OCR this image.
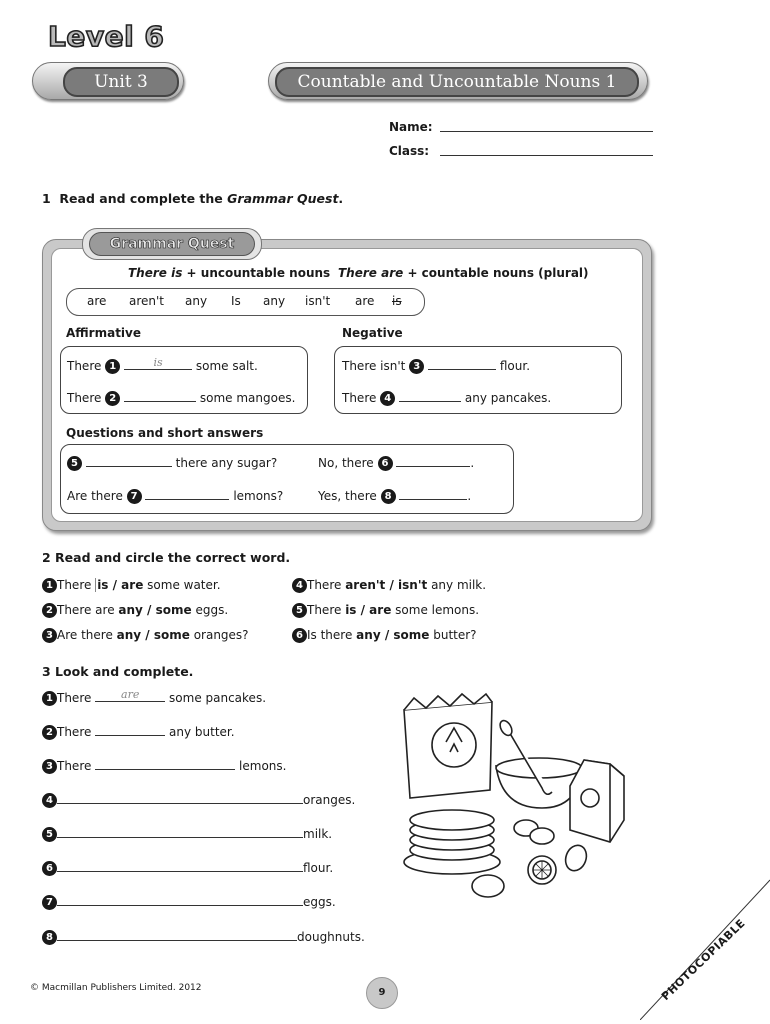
Level 6
Unit 3	Countable and Uncountable Nouns 1
Name:
Class:
1 Read and complete the Grammar Quest.
Grammar Quest
There is + uncountable nouns There are + countable nouns (plural)
are aren't any Is any isn't are is
Affirmative	Negative
There 1	is	some salt.
There 2	some mangoes.
There isn't 3	flour.
There 4	any pancakes.
Questions and short answers
5	there any sugar?	No, there 6	.
Are there 7	lemons?	Yes, there 8	.
2 Read and circle the correct word.
1 There is / are some water.
2 There are any / some eggs.
3 Are there any / some oranges?
4 There aren't / isn't any milk.
5 There is / are some lemons.
6 Is there any / some butter?
3 Look and complete.
1 There	are	some pancakes.
2 There	any butter.
3 There	lemons.
4	oranges.
5	milk.
6	flour.
7	eggs.
8	doughnuts.
© Macmillan Publishers Limited. 2012	9	PHOTOCOPIABLE
